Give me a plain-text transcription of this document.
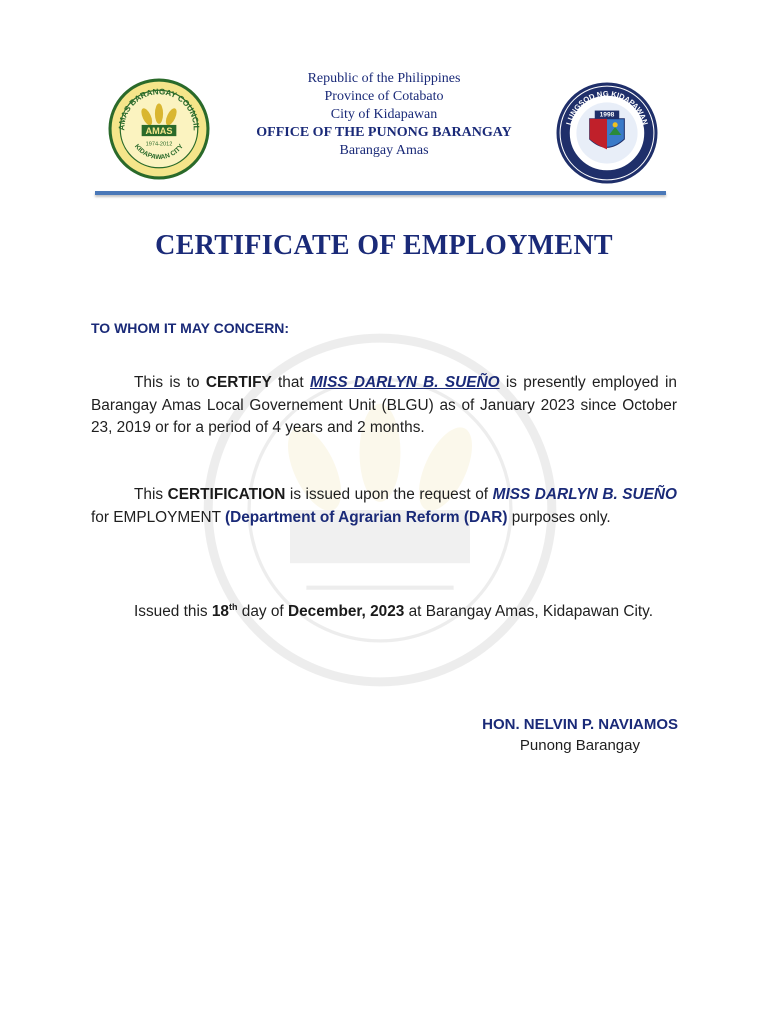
AMAS BARANGAY COUNCIL
KIDAPAWAN CITY
AMAS
1974-2012
Republic of the Philippines
Province of Cotabato
City of Kidapawan
OFFICE OF THE PUNONG BARANGAY
Barangay Amas
LUNGSOD NG KIDAPAWAN
1998
CERTIFICATE OF EMPLOYMENT
TO WHOM IT MAY CONCERN:
This is to CERTIFY that MISS DARLYN B. SUEÑO is presently employed in Barangay Amas Local Governement Unit (BLGU) as of January 2023 since October 23, 2019 or for a period of 4 years and 2 months.
This CERTIFICATION is issued upon the request of MISS DARLYN B. SUEÑO for EMPLOYMENT (Department of Agrarian Reform (DAR) purposes only.
Issued this 18th day of December, 2023 at Barangay Amas, Kidapawan City.
HON. NELVIN P. NAVIAMOS
Punong Barangay
